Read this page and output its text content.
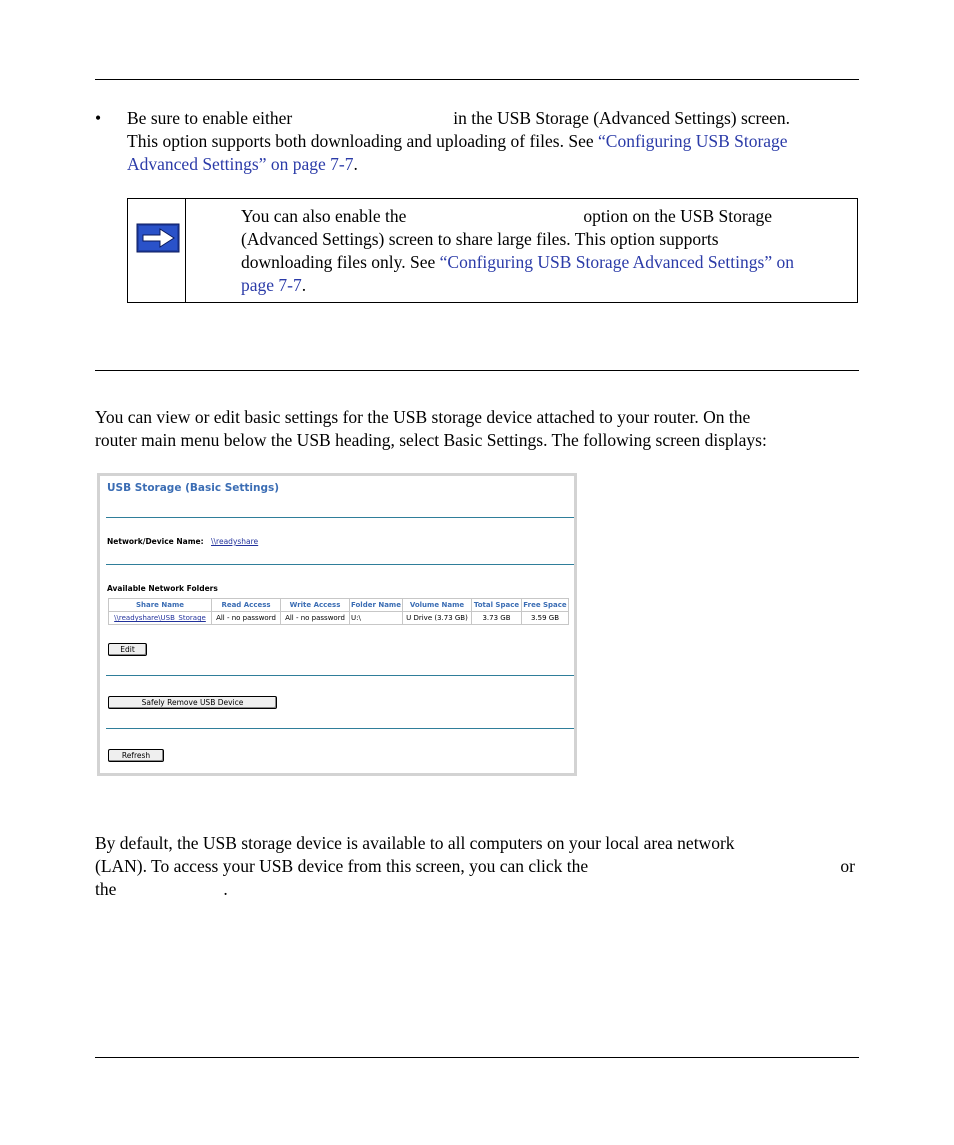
• Be sure to enable either	in the USB Storage (Advanced Settings) screen.
This option supports both downloading and uploading of files. See “Configuring USB Storage
Advanced Settings” on page 7-7.
You can also enable the	option on the USB Storage
(Advanced Settings) screen to share large files. This option supports
downloading files only. See “Configuring USB Storage Advanced Settings” on
page 7-7.
You can view or edit basic settings for the USB storage device attached to your router. On the
router main menu below the USB heading, select Basic Settings. The following screen displays:
USB Storage (Basic Settings)
Network/Device Name: \\readyshare
Available Network Folders
Share Name	Read Access	Write Access	Folder Name	Volume Name	Total Space	Free Space
\\readyshare\USB_Storage	All - no password	All - no password	U:\	U Drive (3.73 GB)	3.73 GB	3.59 GB
Edit
Safely Remove USB Device
Refresh
By default, the USB storage device is available to all computers on your local area network
(LAN). To access your USB device from this screen, you can click the	or
the	.
